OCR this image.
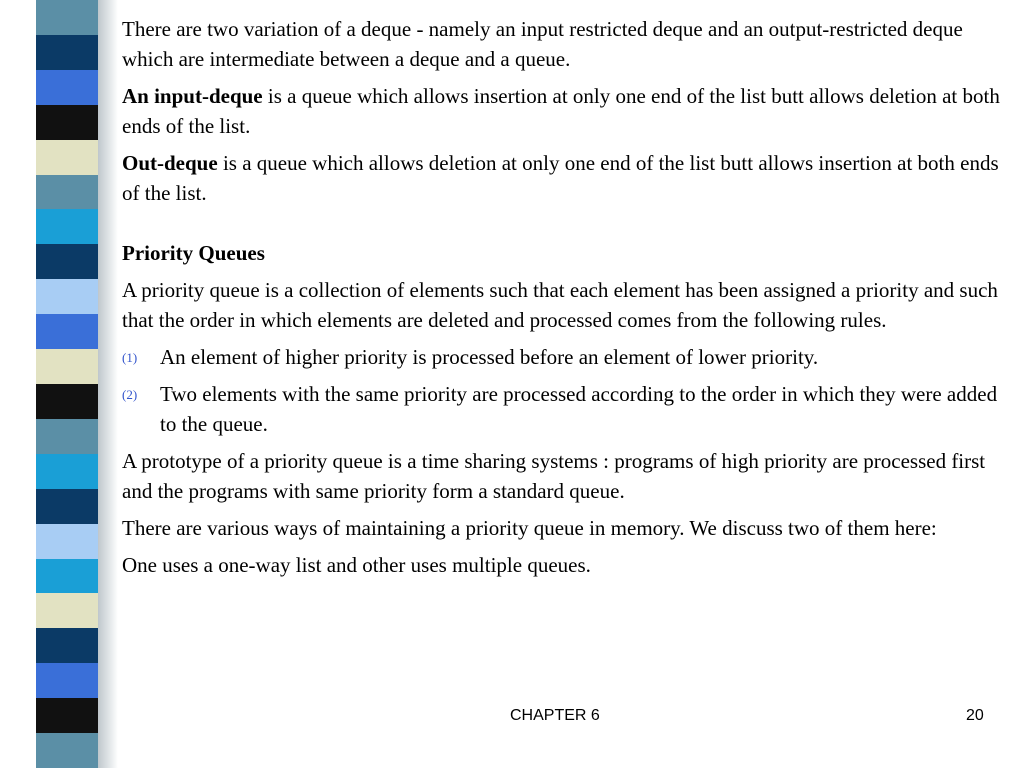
There are two variation of a deque - namely an input restricted deque and an output-restricted deque which are intermediate between a deque and a queue.

An input-deque is a queue which allows insertion at only one end of the list butt allows deletion at both ends of the list.

Out-deque is a queue which allows deletion at only one end of the list butt allows insertion at both ends of the list.

Priority Queues

A priority queue is a collection of elements such that each element has been assigned a priority and such that the order in which elements are deleted and processed comes from the following rules.

(1) An element of higher priority is processed before an element of lower priority.
(2) Two elements with the same priority are processed according to the order in which they were added to the queue.

A prototype of a priority queue is a time sharing systems : programs of high priority are processed first and the programs with same priority form a standard queue.

There are various ways of maintaining a priority queue in memory. We discuss two of them here:

One uses a one-way list and other uses multiple queues.

CHAPTER 6	20
